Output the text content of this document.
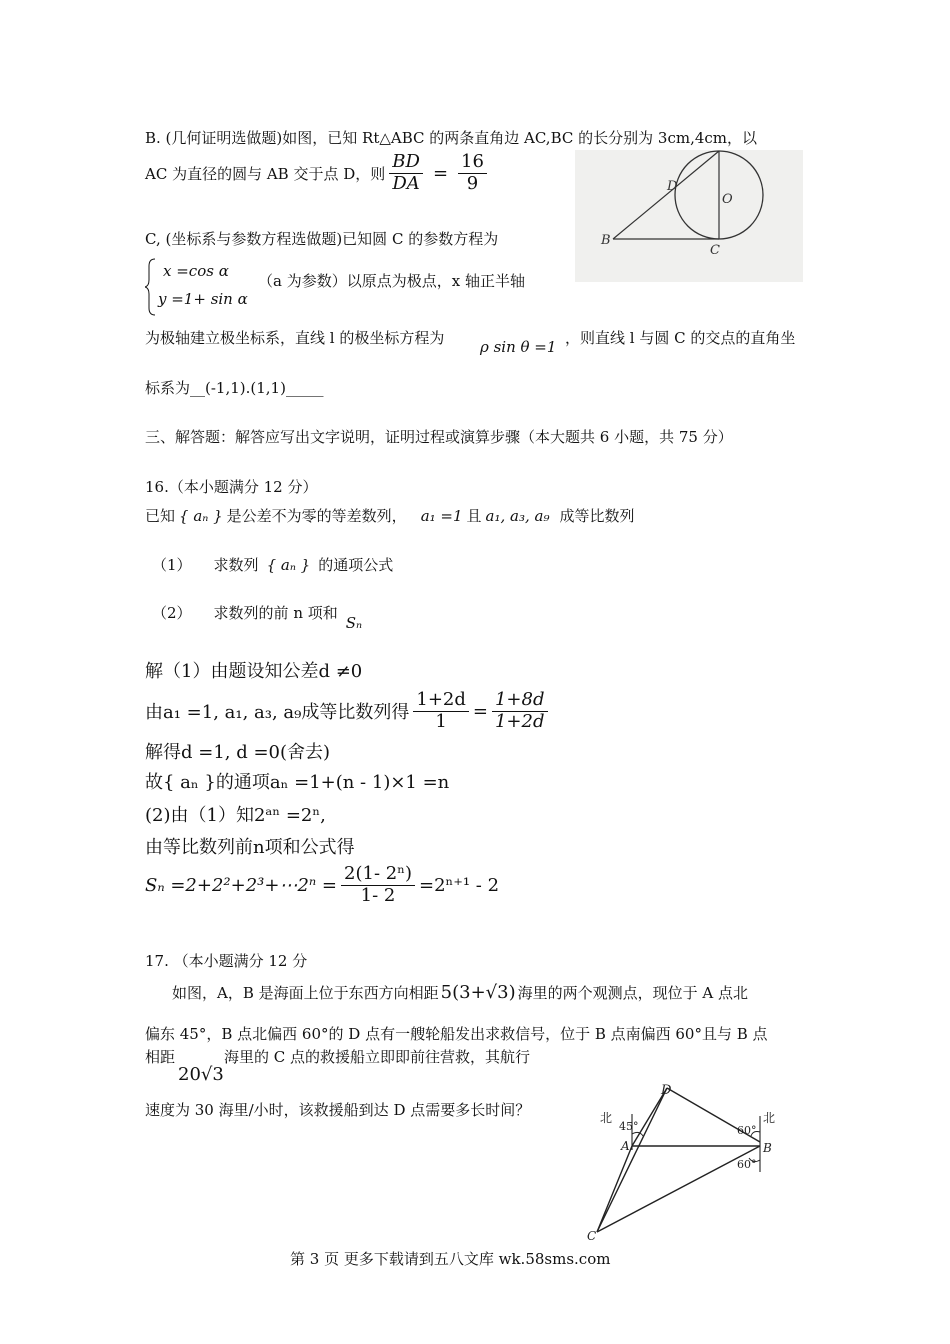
B. (几何证明选做题)如图，已知 Rt△ABC 的两条直角边 AC,BC 的长分别为 3cm,4cm，以
AC 为直径的圆与 AB 交于点 D，则 $\frac{BD}{DA} = \frac{16}{9}$
B
C
D
O
C, (坐标系与参数方程选做题)已知圆 C 的参数方程为
x =cos α
y =1+ sin α
（a 为参数）以原点为极点，x 轴正半轴
为极轴建立极坐标系，直线 l 的极坐标方程为 ρ sin θ =1 ，则直线 l 与圆 C 的交点的直角坐
标系为__(-1,1).(1,1)_____
三、解答题：解答应写出文字说明，证明过程或演算步骤（本大题共 6 小题，共 75 分）
16.（本小题满分 12 分）
已知 { aₙ } 是公差不为零的等差数列， a₁ =1 且 a₁, a₃, a₉ 成等比数列
（1） 求数列 { aₙ } 的通项公式
（2） 求数列的前 n 项和
Sₙ
解（1）由题设知公差d ≠0
由a₁ =1, a₁, a₃, a₉成等比数列得 $\frac{1+2d}{1} = \frac{1+8d}{1+2d}$
解得d =1, d =0(舍去)
故{ aₙ }的通项aₙ =1+(n - 1)×1 =n
(2)由（1）知2ᵃⁿ =2ⁿ,
由等比数列前n项和公式得
Sₙ =2+2²+2³+⋯2ⁿ = $\frac{\text{2(1- 2ⁿ)}}{1- 2} =2^{n+1} - 2$
17. （本小题满分 12 分
如图，A，B 是海面上位于东西方向相距 5(3+√3) 海里的两个观测点，现位于 A 点北
偏东 45°，B 点北偏西 60°的 D 点有一艘轮船发出求救信号，位于 B 点南偏西 60°且与 B 点
相距	海里的 C 点的救援船立即即前往营救，其航行
20√3
速度为 30 海里/小时，该救援船到达 D 点需要多长时间？
D
A	B
C
北	北
45°	60°
60°
第 3 页 更多下载请到五八文库 wk.58sms.com
